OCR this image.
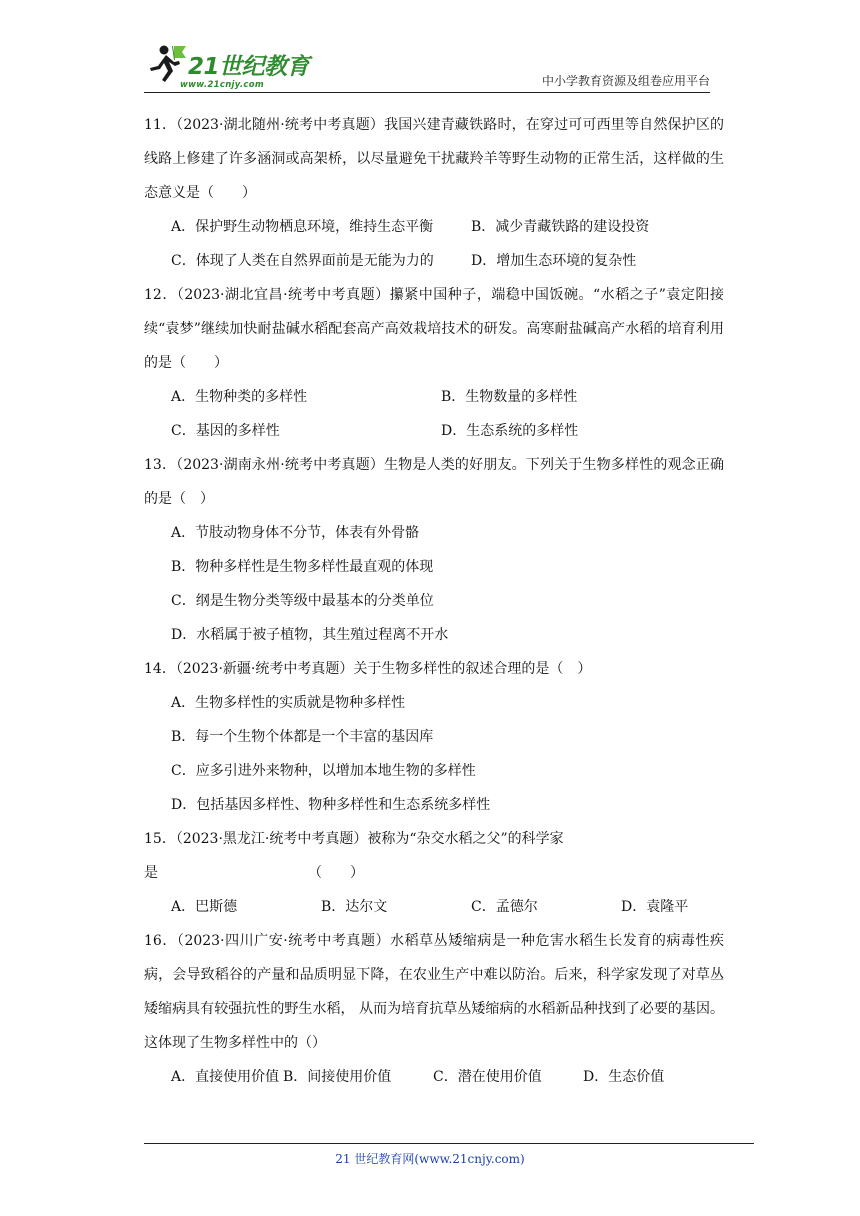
21世纪教育
www.21cnjy.com	中小学教育资源及组卷应用平台
11．（2023·湖北随州·统考中考真题）我国兴建青藏铁路时，在穿过可可西里等自然保护区的线路上修建了许多涵洞或高架桥，以尽量避免干扰藏羚羊等野生动物的正常生活，这样做的生态意义是（　　）
A．保护野生动物栖息环境，维持生态平衡	B．减少青藏铁路的建设投资
C．体现了人类在自然界面前是无能为力的	D．增加生态环境的复杂性
12．（2023·湖北宜昌·统考中考真题）攥紧中国种子，端稳中国饭碗。“水稻之子”袁定阳接续“袁梦”继续加快耐盐碱水稻配套高产高效栽培技术的研发。高寒耐盐碱高产水稻的培育利用的是（　　）
A．生物种类的多样性	B．生物数量的多样性
C．基因的多样性	D．生态系统的多样性
13．（2023·湖南永州·统考中考真题）生物是人类的好朋友。下列关于生物多样性的观念正确的是（　）
A．节肢动物身体不分节，体表有外骨骼
B．物种多样性是生物多样性最直观的体现
C．纲是生物分类等级中最基本的分类单位
D．水稻属于被子植物，其生殖过程离不开水
14．（2023·新疆·统考中考真题）关于生物多样性的叙述合理的是（　）
A．生物多样性的实质就是物种多样性
B．每一个生物个体都是一个丰富的基因库
C．应多引进外来物种，以增加本地生物的多样性
D．包括基因多样性、物种多样性和生态系统多样性
15．（2023·黑龙江·统考中考真题）被称为“杂交水稻之父”的科学家
是	（　　）
A．巴斯德	B．达尔文	C．孟德尔	D．袁隆平
16．（2023·四川广安·统考中考真题）水稻草丛矮缩病是一种危害水稻生长发育的病毒性疾病，会导致稻谷的产量和品质明显下降，在农业生产中难以防治。后来，科学家发现了对草丛矮缩病具有较强抗性的野生水稻， 从而为培育抗草丛矮缩病的水稻新品种找到了必要的基因。这体现了生物多样性中的（）
A．直接使用价值 B．间接使用价值	C．潜在使用价值	D．生态价值
21 世纪教育网(www.21cnjy.com)
